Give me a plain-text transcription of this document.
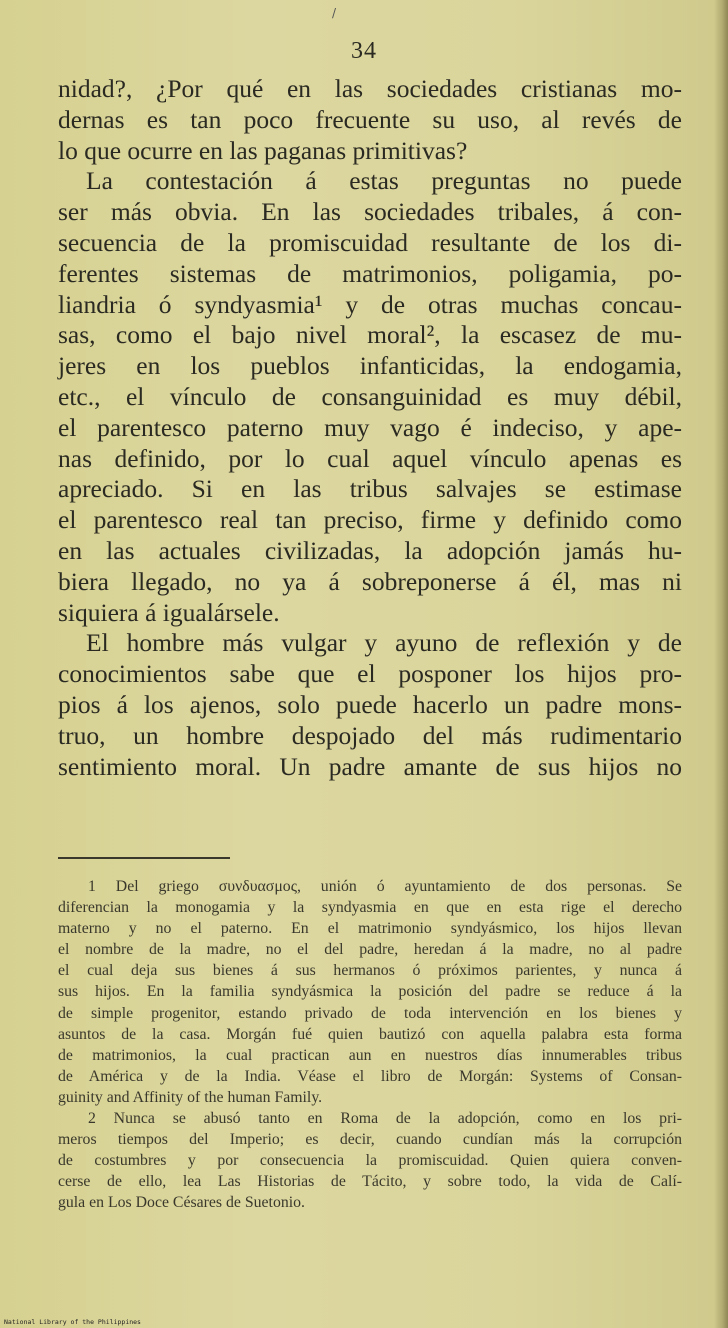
/
34
nidad?, ¿Por qué en las sociedades cristianas mo-
dernas es tan poco frecuente su uso, al revés de
lo que ocurre en las paganas primitivas?
La contestación á estas preguntas no puede
ser más obvia. En las sociedades tribales, á con-
secuencia de la promiscuidad resultante de los di-
ferentes sistemas de matrimonios, poligamia, po-
liandria ó syndyasmia¹ y de otras muchas concau-
sas, como el bajo nivel moral², la escasez de mu-
jeres en los pueblos infanticidas, la endogamia,
etc., el vínculo de consanguinidad es muy débil,
el parentesco paterno muy vago é indeciso, y ape-
nas definido, por lo cual aquel vínculo apenas es
apreciado. Si en las tribus salvajes se estimase
el parentesco real tan preciso, firme y definido como
en las actuales civilizadas, la adopción jamás hu-
biera llegado, no ya á sobreponerse á él, mas ni
siquiera á igualársele.
El hombre más vulgar y ayuno de reflexión y de
conocimientos sabe que el posponer los hijos pro-
pios á los ajenos, solo puede hacerlo un padre mons-
truo, un hombre despojado del más rudimentario
sentimiento moral. Un padre amante de sus hijos no
1 Del griego συνδυασμος, unión ó ayuntamiento de dos personas. Se
diferencian la monogamia y la syndyasmia en que en esta rige el derecho
materno y no el paterno. En el matrimonio syndyásmico, los hijos llevan
el nombre de la madre, no el del padre, heredan á la madre, no al padre
el cual deja sus bienes á sus hermanos ó próximos parientes, y nunca á
sus hijos. En la familia syndyásmica la posición del padre se reduce á la
de simple progenitor, estando privado de toda intervención en los bienes y
asuntos de la casa. Morgán fué quien bautizó con aquella palabra esta forma
de matrimonios, la cual practican aun en nuestros días innumerables tribus
de América y de la India. Véase el libro de Morgán: Systems of Consan-
guinity and Affinity of the human Family.
2 Nunca se abusó tanto en Roma de la adopción, como en los pri-
meros tiempos del Imperio; es decir, cuando cundían más la corrupción
de costumbres y por consecuencia la promiscuidad. Quien quiera conven-
cerse de ello, lea Las Historias de Tácito, y sobre todo, la vida de Calí-
gula en Los Doce Césares de Suetonio.
National Library of the Philippines
